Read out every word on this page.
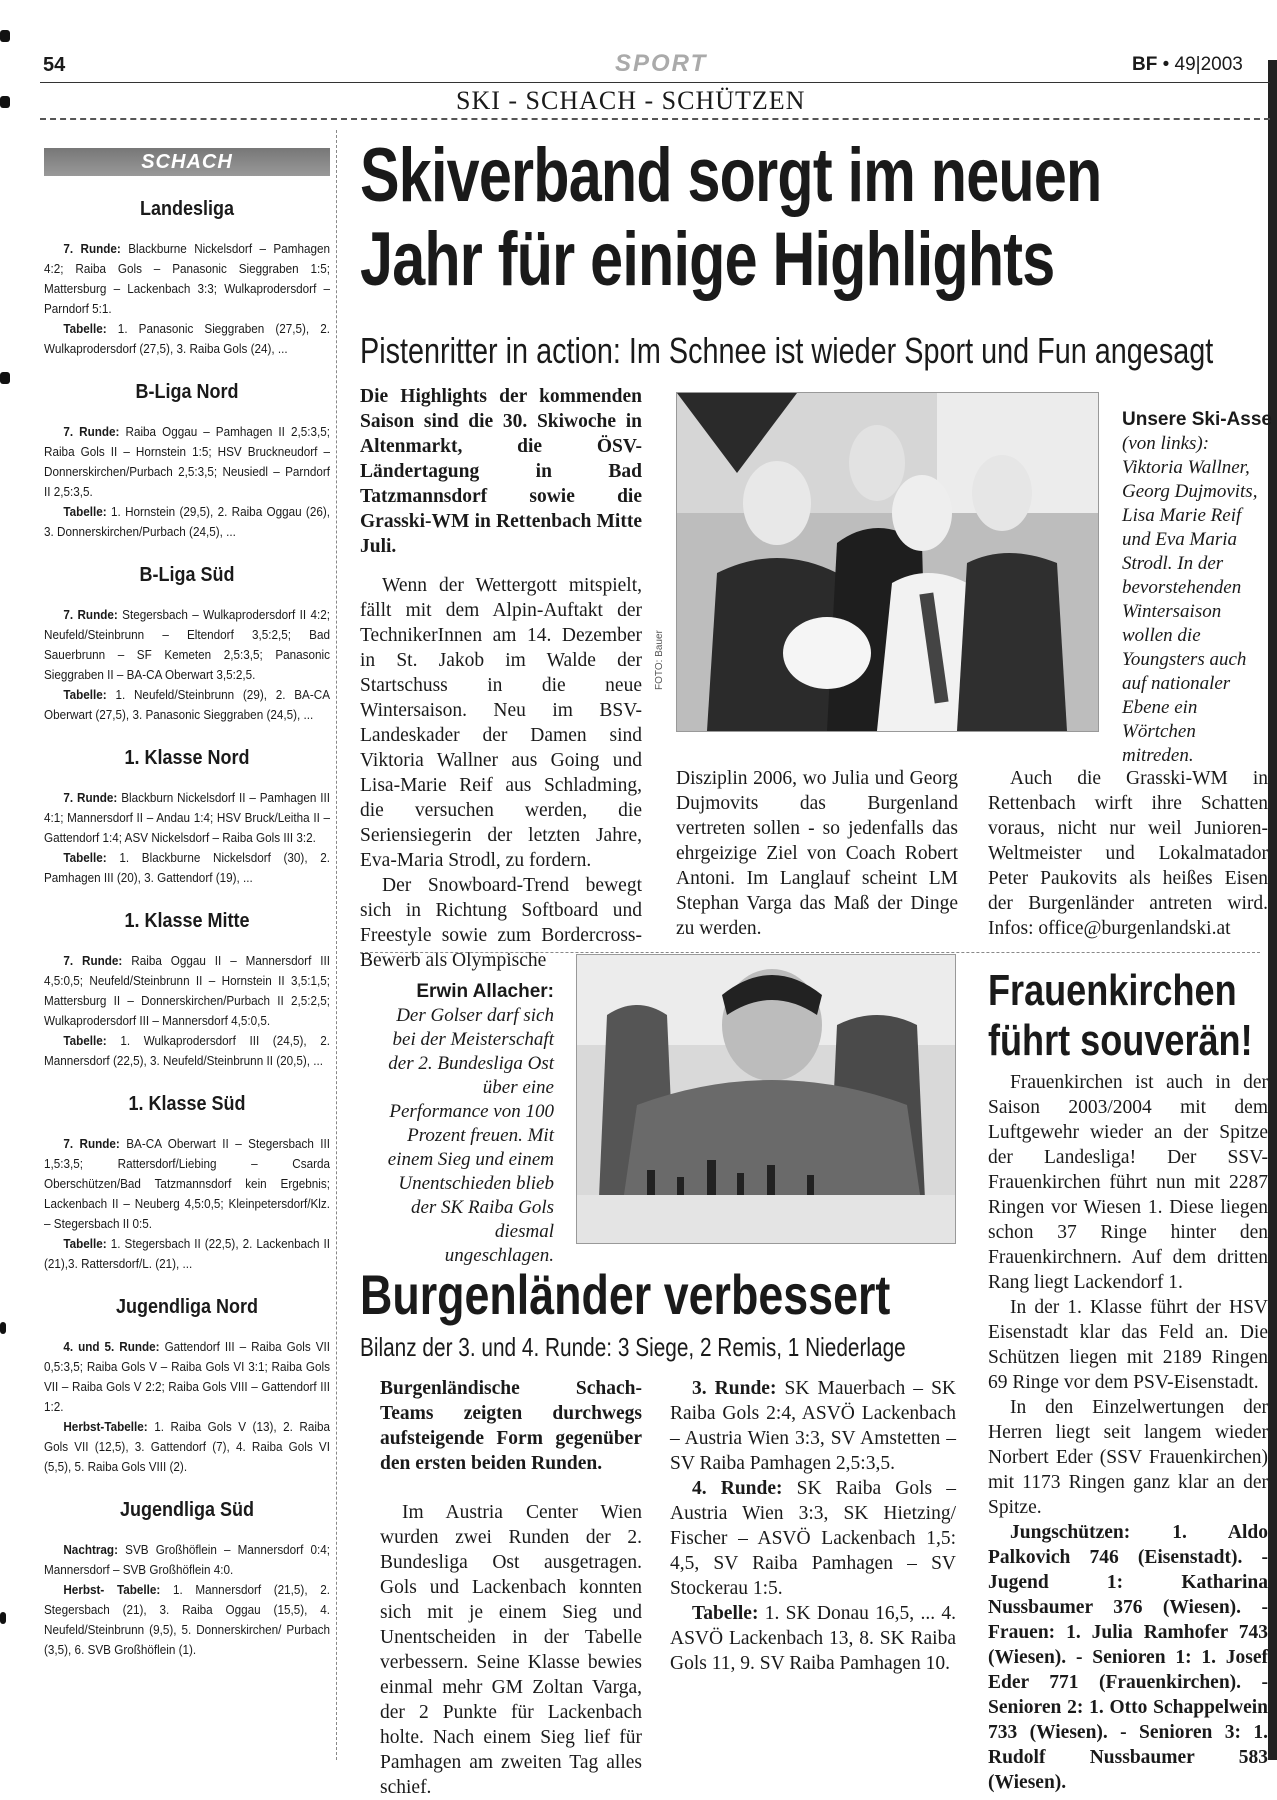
54	SPORT	BF • 49|2003
SKI - SCHACH - SCHÜTZEN
SCHACH
Landesliga

7. Runde: Blackburne Nickelsdorf – Pamhagen 4:2; Raiba Gols – Panasonic Sieggraben 1:5; Mattersburg – Lackenbach 3:3; Wulkaprodersdorf – Parndorf 5:1.

Tabelle: 1. Panasonic Sieggraben (27,5), 2. Wulkaprodersdorf (27,5), 3. Raiba Gols (24), ...

B-Liga Nord

7. Runde: Raiba Oggau – Pamhagen II 2,5:3,5; Raiba Gols II – Hornstein 1:5; HSV Bruckneudorf – Donnerskirchen/Purbach 2,5:3,5; Neusiedl – Parndorf II 2,5:3,5.

Tabelle: 1. Hornstein (29,5), 2. Raiba Oggau (26), 3. Donnerskirchen/Purbach (24,5), ...

B-Liga Süd

7. Runde: Stegersbach – Wulkaprodersdorf II 4:2; Neufeld/Steinbrunn – Eltendorf 3,5:2,5; Bad Sauerbrunn – SF Kemeten 2,5:3,5; Panasonic Sieggraben II – BA-CA Oberwart 3,5:2,5.

Tabelle: 1. Neufeld/Steinbrunn (29), 2. BA-CA Oberwart (27,5), 3. Panasonic Sieggraben (24,5), ...

1. Klasse Nord

7. Runde: Blackburn Nickelsdorf II – Pamhagen III 4:1; Mannersdorf II – Andau 1:4; HSV Bruck/Leitha II – Gattendorf 1:4; ASV Nickelsdorf – Raiba Gols III 3:2.

Tabelle: 1. Blackburne Nickelsdorf (30), 2. Pamhagen III (20), 3. Gattendorf (19), ...

1. Klasse Mitte

7. Runde: Raiba Oggau II – Mannersdorf III 4,5:0,5; Neufeld/Steinbrunn II – Hornstein II 3,5:1,5; Mattersburg II – Donnerskirchen/Purbach II 2,5:2,5; Wulkaprodersdorf III – Mannersdorf 4,5:0,5.

Tabelle: 1. Wulkaprodersdorf III (24,5), 2. Mannersdorf (22,5), 3. Neufeld/Steinbrunn II (20,5), ...

1. Klasse Süd

7. Runde: BA-CA Oberwart II – Stegersbach III 1,5:3,5; Rattersdorf/Liebing – Csarda Oberschützen/Bad Tatzmannsdorf kein Ergebnis; Lackenbach II – Neuberg 4,5:0,5; Kleinpetersdorf/Klz. – Stegersbach II 0:5.

Tabelle: 1. Stegersbach II (22,5), 2. Lackenbach II (21),3. Rattersdorf/L. (21), ...

Jugendliga Nord

4. und 5. Runde: Gattendorf III – Raiba Gols VII 0,5:3,5; Raiba Gols V – Raiba Gols VI 3:1; Raiba Gols VII – Raiba Gols V 2:2; Raiba Gols VIII – Gattendorf III 1:2.

Herbst-Tabelle: 1. Raiba Gols V (13), 2. Raiba Gols VII (12,5), 3. Gattendorf (7), 4. Raiba Gols VI (5,5), 5. Raiba Gols VIII (2).

Jugendliga Süd

Nachtrag: SVB Großhöflein – Mannersdorf 0:4; Mannersdorf – SVB Großhöflein 4:0.

Herbst- Tabelle: 1. Mannersdorf (21,5), 2. Stegersbach (21), 3. Raiba Oggau (15,5), 4. Neufeld/Steinbrunn (9,5), 5. Donnerskirchen/ Purbach (3,5), 6. SVB Großhöflein (1).

Skiverband sorgt im neuen
Jahr für einige Highlights
Pistenritter in action: Im Schnee ist wieder Sport und Fun angesagt

Die Highlights der kommenden Saison sind die 30. Skiwoche in Altenmarkt, die ÖSV-Ländertagung in Bad Tatzmannsdorf sowie die Grasski-WM in Rettenbach Mitte Juli.

Wenn der Wettergott mitspielt, fällt mit dem Alpin-Auftakt der TechnikerInnen am 14. Dezember in St. Jakob im Walde der Startschuss in die neue Wintersaison. Neu im BSV-Landeskader der Damen sind Viktoria Wallner aus Going und Lisa-Marie Reif aus Schladming, die versuchen werden, die Seriensiegerin der letzten Jahre, Eva-Maria Strodl, zu fordern.

Der Snowboard-Trend bewegt sich in Richtung Softboard und Freestyle sowie zum Bordercross-Bewerb als Olympische

FOTO: Bauer
Unsere Ski-Asse (von links): Viktoria Wallner, Georg Dujmovits, Lisa Marie Reif und Eva Maria Strodl. In der bevorstehenden Wintersaison wollen die Youngsters auch auf nationaler Ebene ein Wörtchen mitreden.

Disziplin 2006, wo Julia und Georg Dujmovits das Burgenland vertreten sollen - so jedenfalls das ehrgeizige Ziel von Coach Robert Antoni. Im Langlauf scheint LM Stephan Varga das Maß der Dinge zu werden.

Auch die Grasski-WM in Rettenbach wirft ihre Schatten voraus, nicht nur weil Junioren-Weltmeister und Lokalmatador Peter Paukovits als heißes Eisen der Burgenländer antreten wird. Infos: office@burgenlandski.at

Erwin Allacher: Der Golser darf sich bei der Meisterschaft der 2. Bundesliga Ost über eine Performance von 100 Prozent freuen. Mit einem Sieg und einem Unentschieden blieb der SK Raiba Gols diesmal ungeschlagen.
Burgenländer verbessert
Bilanz der 3. und 4. Runde: 3 Siege, 2 Remis, 1 Niederlage

Burgenländische Schach-Teams zeigten durchwegs aufsteigende Form gegenüber den ersten beiden Runden.

Im Austria Center Wien wurden zwei Runden der 2. Bundesliga Ost ausgetragen. Gols und Lackenbach konnten sich mit je einem Sieg und Unentscheiden in der Tabelle verbessern. Seine Klasse bewies einmal mehr GM Zoltan Varga, der 2 Punkte für Lackenbach holte. Nach einem Sieg lief für Pamhagen am zweiten Tag alles schief.

3. Runde: SK Mauerbach – SK Raiba Gols 2:4, ASVÖ Lackenbach – Austria Wien 3:3, SV Amstetten – SV Raiba Pamhagen 2,5:3,5.

4. Runde: SK Raiba Gols – Austria Wien 3:3, SK Hietzing/ Fischer – ASVÖ Lackenbach 1,5: 4,5, SV Raiba Pamhagen – SV Stockerau 1:5.

Tabelle: 1. SK Donau 16,5, ... 4. ASVÖ Lackenbach 13, 8. SK Raiba Gols 11, 9. SV Raiba Pamhagen 10.

Frauenkirchen führt souverän!

Frauenkirchen ist auch in der Saison 2003/2004 mit dem Luftgewehr wieder an der Spitze der Landesliga! Der SSV-Frauenkirchen führt nun mit 2287 Ringen vor Wiesen 1. Diese liegen schon 37 Ringe hinter den Frauenkirchnern. Auf dem dritten Rang liegt Lackendorf 1.

In der 1. Klasse führt der HSV Eisenstadt klar das Feld an. Die Schützen liegen mit 2189 Ringen 69 Ringe vor dem PSV-Eisenstadt.

In den Einzelwertungen der Herren liegt seit langem wieder Norbert Eder (SSV Frauenkirchen) mit 1173 Ringen ganz klar an der Spitze.

Jungschützen: 1. Aldo Palkovich 746 (Eisenstadt). - Jugend 1: Katharina Nussbaumer 376 (Wiesen). - Frauen: 1. Julia Ramhofer 743 (Wiesen). - Senioren 1: 1. Josef Eder 771 (Frauenkirchen). - Senioren 2: 1. Otto Schappelwein 733 (Wiesen). - Senioren 3: 1. Rudolf Nussbaumer 583 (Wiesen).
